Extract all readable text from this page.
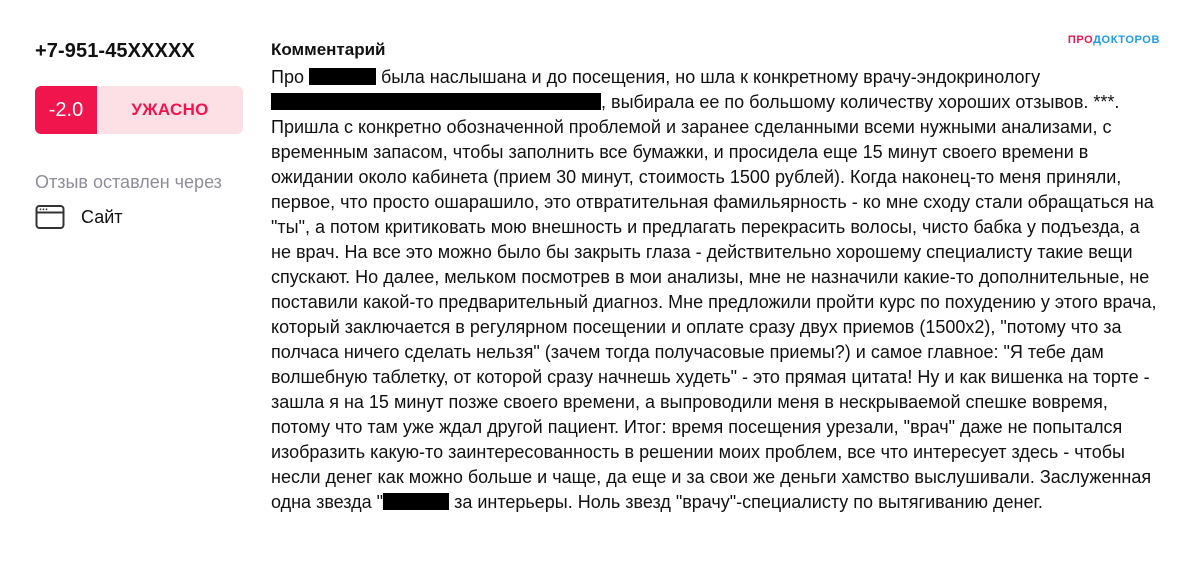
+7-951-45XXXXX
-2.0	УЖАСНО
Отзыв оставлен через
Сайт
Комментарий
Про	была наслышана и до посещения, но шла к конкретному врачу-эндокринологу , выбирала ее по большому количеству хороших отзывов. ***. Пришла с конкретно обозначенной проблемой и заранее сделанными всеми нужными анализами, с временным запасом, чтобы заполнить все бумажки, и просидела еще 15 минут своего времени в ожидании около кабинета (прием 30 минут, стоимость 1500 рублей). Когда наконец-то меня приняли, первое, что просто ошарашило, это отвратительная фамильярность - ко мне сходу стали обращаться на "ты", а потом критиковать мою внешность и предлагать перекрасить волосы, чисто бабка у подъезда, а не врач. На все это можно было бы закрыть глаза - действительно хорошему специалисту такие вещи спускают. Но далее, мельком посмотрев в мои анализы, мне не назначили какие-то дополнительные, не поставили какой-то предварительный диагноз. Мне предложили пройти курс по похудению у этого врача, который заключается в регулярном посещении и оплате сразу двух приемов (1500х2), "потому что за полчаса ничего сделать нельзя" (зачем тогда получасовые приемы?) и самое главное: "Я тебе дам волшебную таблетку, от которой сразу начнешь худеть" - это прямая цитата! Ну и как вишенка на торте - зашла я на 15 минут позже своего времени, а выпроводили меня в нескрываемой спешке вовремя, потому что там уже ждал другой пациент. Итог: время посещения урезали, "врач" даже не попытался изобразить какую-то заинтересованность в решении моих проблем, все что интересует здесь - чтобы несли денег как можно больше и чаще, да еще и за свои же деньги хамство выслушивали. Заслуженная одна звезда "	за интерьеры. Ноль звезд "врачу"-специалисту по вытягиванию денег.
ПРОДОКТОРОВ
